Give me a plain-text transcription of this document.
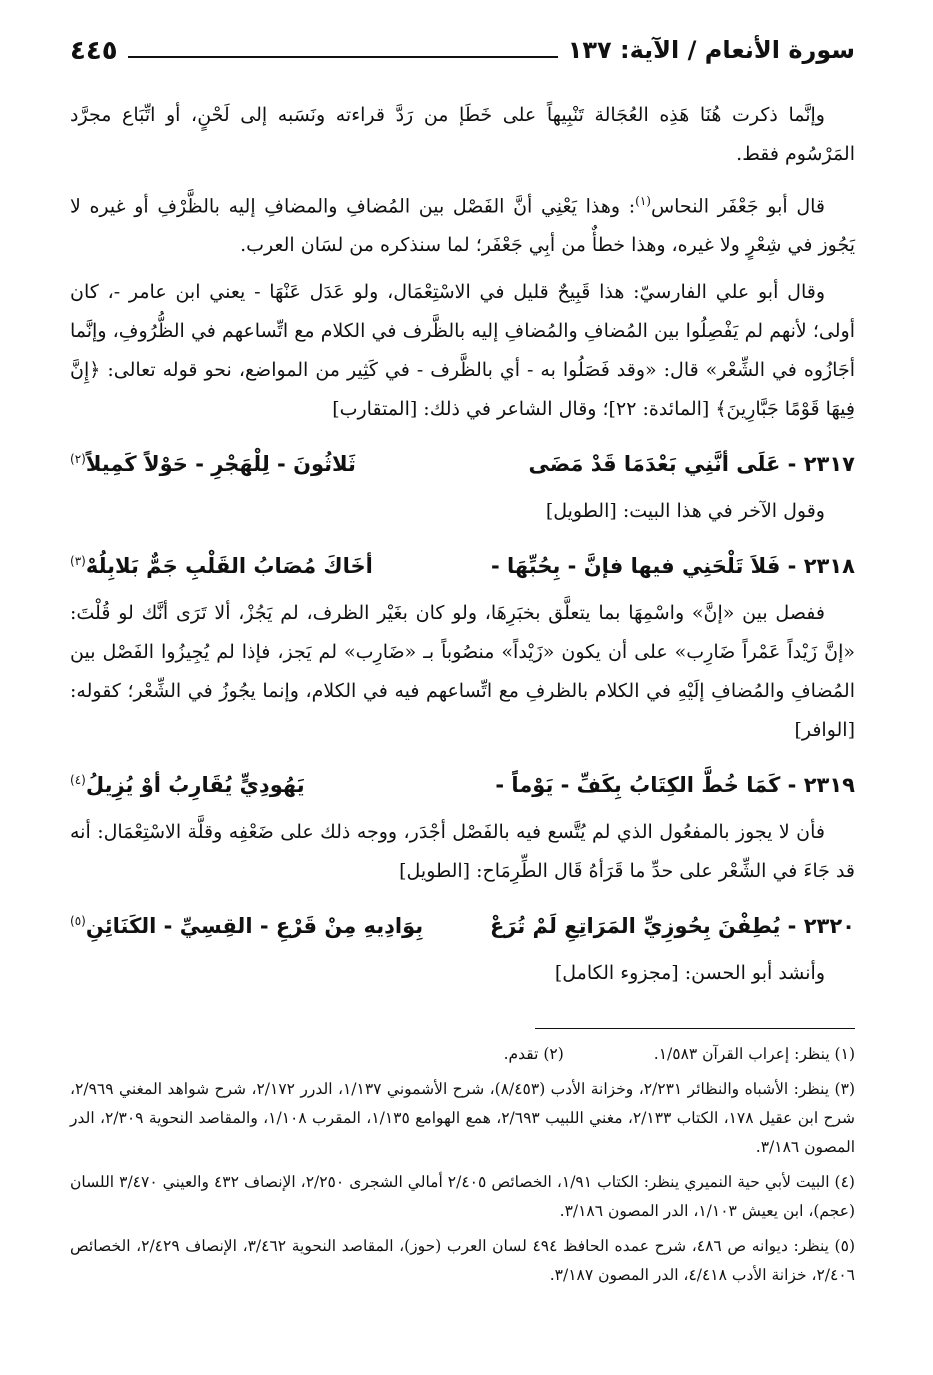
سورة الأنعام / الآية: ١٣٧
٤٤٥

وإنَّما ذكرت هُنَا هَذِه العُجَالة تَنْبِيهاً على خَطَإ من رَدَّ قراءته ونَسَبه إلى لَحْنٍ، أو اتِّبَاع مجرَّد المَرْسُوم فقط.

قال أبو جَعْفَر النحاس$^{(١)}$: وهذا يَعْنِي أنَّ الفَصْل بين المُضافِ والمضافِ إليه بالظَّرْفِ أو غيره لا يَجُوز في شِعْرٍ ولا غيره، وهذا خطأٌ من أبِي جَعْفَر؛ لما سنذكره من لسَان العرب.

وقال أبو علي الفارسيّ: هذا قَبِيحٌ قليل في الاسْتِعْمَال، ولو عَدَل عَنْهَا - يعني ابن عامر -، كان أولى؛ لأنهم لم يَفْصِلُوا بين المُضافِ والمُضافِ إليه بالظَّرف في الكلام مع اتِّساعهم في الظُّرُوفِ، وإنَّما أجَازُوه في الشِّعْر» قال: «وقد فَصَلُوا به - أي بالظَّرف - في كَثِير من المواضع، نحو قوله تعالى: ﴿إِنَّ فِيهَا قَوْمًا جَبَّارِينَ﴾ [المائدة: ٢٢]؛ وقال الشاعر في ذلك: [المتقارب]

٢٣١٧ - عَلَى أنَّنِي بَعْدَمَا قَدْ مَضَى
ثَلاثُونَ - لِلْهَجْرِ - حَوْلاً كَمِيلاً$^{(٢)}$

وقول الآخر في هذا البيت: [الطويل]

٢٣١٨ - فَلاَ تَلْحَنِي فيها فإنَّ - بِحُبِّهَا -
أخَاكَ مُصَابُ القَلْبِ جَمٌّ بَلابِلُهْ$^{(٣)}$

ففصل بين «إنَّ» واسْمِهَا بما يتعلَّق بخبَرِهَا، ولو كان بغَيْر الظرف، لم يَجُزْ، ألا تَرَى أنَّك لو قُلْتَ: «إنَّ زَيْداً عَمْراً ضَارِب» على أن يكون «زَيْداً» منصُوباً بـ «ضَارِب» لم يَجز، فإذا لم يُجِيزُوا الفَصْل بين المُضافِ والمُضافِ إلَيْهِ في الكلام بالظرفِ مع اتِّساعهم فيه في الكلام، وإنما يجُوزُ في الشِّعْر؛ كقوله: [الوافر]

٢٣١٩ - كَمَا خُطَّ الكِتَابُ بِكَفِّ - يَوْماً -
يَهُودِيٍّ يُقَارِبُ أوْ يُزِيلُ$^{(٤)}$

فأن لا يجوز بالمفعُول الذي لم يُتَّسع فيه بالفَصْل أجْدَر، ووجه ذلك على ضَعْفِه وقلَّة الاسْتِعْمَال: أنه قد جَاءَ في الشِّعْر على حدِّ ما قَرَأهُ قَال الطِّرِمَاح: [الطويل]

٢٣٢٠ - يُطِفْنَ بِحُوزِيِّ المَرَاتِعِ لَمْ تُرَعْ
بِوَادِيهِ مِنْ قَرْعِ - القِسِيِّ - الكَنَائِنِ$^{(٥)}$

وأنشد أبو الحسن: [مجزوء الكامل]

(١) ينظر: إعراب القرآن ١/٥٨٣.
(٢) تقدم.
(٣) ينظر: الأشباه والنظائر ٢/٢٣١، وخزانة الأدب (٨/٤٥٣)، شرح الأشموني ١/١٣٧، الدرر ٢/١٧٢، شرح شواهد المغني ٢/٩٦٩، شرح ابن عقيل ١٧٨، الكتاب ٢/١٣٣، مغني اللبيب ٢/٦٩٣، همع الهوامع ١/١٣٥، المقرب ١/١٠٨، والمقاصد النحوية ٢/٣٠٩، الدر المصون ٣/١٨٦.
(٤) البيت لأبي حية النميري ينظر: الكتاب ١/٩١، الخصائص ٢/٤٠٥ أمالي الشجرى ٢/٢٥٠، الإنصاف ٤٣٢ والعيني ٣/٤٧٠ اللسان (عجم)، ابن يعيش ١/١٠٣، الدر المصون ٣/١٨٦.
(٥) ينظر: ديوانه ص ٤٨٦، شرح عمده الحافظ ٤٩٤ لسان العرب (حوز)، المقاصد النحوية ٣/٤٦٢، الإنصاف ٢/٤٢٩، الخصائص ٢/٤٠٦، خزانة الأدب ٤/٤١٨، الدر المصون ٣/١٨٧.
